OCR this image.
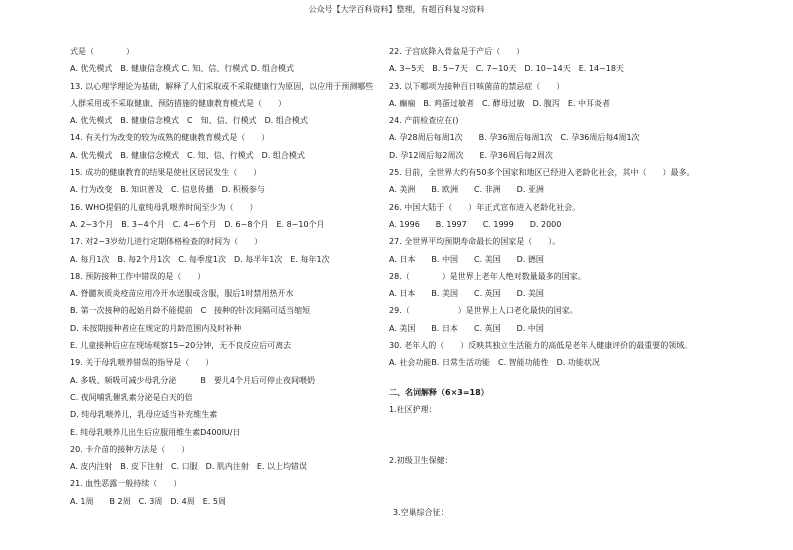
公众号【大学百科资料】整理，有超百科复习资料
式是（　　　　）
A. 优先模式　B. 健康信念模式 C. 知、信、行模式 D. 组合模式
13. 以心理学理论为基础，解释了人们采取或不采取健康行为原因，以应用于预测哪些
人群采用或不采取健康、预防措施的健康教育模式是（　　）
A. 优先模式　B. 健康信念模式　C　知、信、行模式　D. 组合模式
14. 有关行为改变的较为成熟的健康教育模式是（　　）
A. 优先模式　B. 健康信念模式　C. 知、信、行模式　D. 组合模式
15. 成功的健康教育的结果是使社区居民发生（　　）
A. 行为改变　B. 知识普及　C. 信息传播　D. 积极参与
16. WHO提倡的儿童纯母乳喂养时间至少为（　　）
A. 2~3个月　B. 3~4个月　C. 4~6个月　D. 6~8个月　E. 8~10个月
17. 对2~3岁幼儿进行定期体格检查的时间为（　　）
A. 每月1次　B. 每2个月1次　C. 每季度1次　D. 每半年1次　E. 每年1次
18. 预防接种工作中错误的是（　　）
A. 脊髓灰质炎疫苗应用冷开水送服或含服，服后1时禁用热开水
B. 第一次接种的起始月龄不能提前　C　接种的针次间隔可适当缩短
D. 未按期接种者应在规定的月龄范围内及时补种
E. 儿童接种后应在现场观察15~20分钟，无不良反应后可离去
19. 关于母乳喂养错误的指导是（　　）
A. 多吸、频吸可减少母乳分泌　　　B　要儿4个月后可停止夜间喂奶
C. 夜间哺乳催乳素分泌是白天的倍
D. 纯母乳喂养儿，乳母应适当补充维生素
E. 纯母乳喂养儿出生后应服用维生素D400IU/日
20. 卡介苗的接种方法是（　　）
A. 皮内注射　B. 皮下注射　C. 口服　D. 肌内注射　E. 以上均错误
21. 血性恶露一般持续（　　）
A. 1周　　B 2周　C. 3周　D. 4周　E. 5周
22. 子宫底降入骨盆是于产后（　　）
A. 3~5天　B. 5~7天　C. 7~10天　D. 10~14天　E. 14~18天
23. 以下哪项为接种百日咳菌苗的禁忌症（　　）
A. 癫痫　B. 鸡蛋过敏者　C. 酵母过敏　D. 腹泻　E. 中耳炎者
24. 产前检查应在()
A. 孕28周后每周1次　　B. 孕36周后每周1次　C. 孕36周后每4周1次
D. 孕12周后每2周次　　E. 孕36周后每2周次
25. 目前，全世界大约有50多个国家和地区已经进入老龄化社会，其中（　　）最多。
A. 美洲　　B. 欧洲　　C. 非洲　　D. 亚洲
26. 中国大陆于（　　）年正式宣布进入老龄化社会。
A. 1996　　B. 1997　　C. 1999　　D. 2000
27. 全世界平均预期寿命最长的国家是（　　）。
A. 日本　　B. 中国　　C. 美国　　D. 德国
28.（　　　　）是世界上老年人绝对数量最多的国家。
A. 日本　　B. 美国　　C. 英国　　D. 美国
29.（　　　　　　）是世界上人口老化最快的国家。
A. 美国　　B. 日本　　C. 英国　　D. 中国
30. 老年人的（　　）反映其独立生活能力的高低是老年人健康评价的最重要的领域。
A. 社会功能B. 日常生活功能　C. 智能功能性　D. 功能状况
二、名词解释（6×3=18）
1.社区护理：
2.初级卫生保健：
3.空巢综合征：
